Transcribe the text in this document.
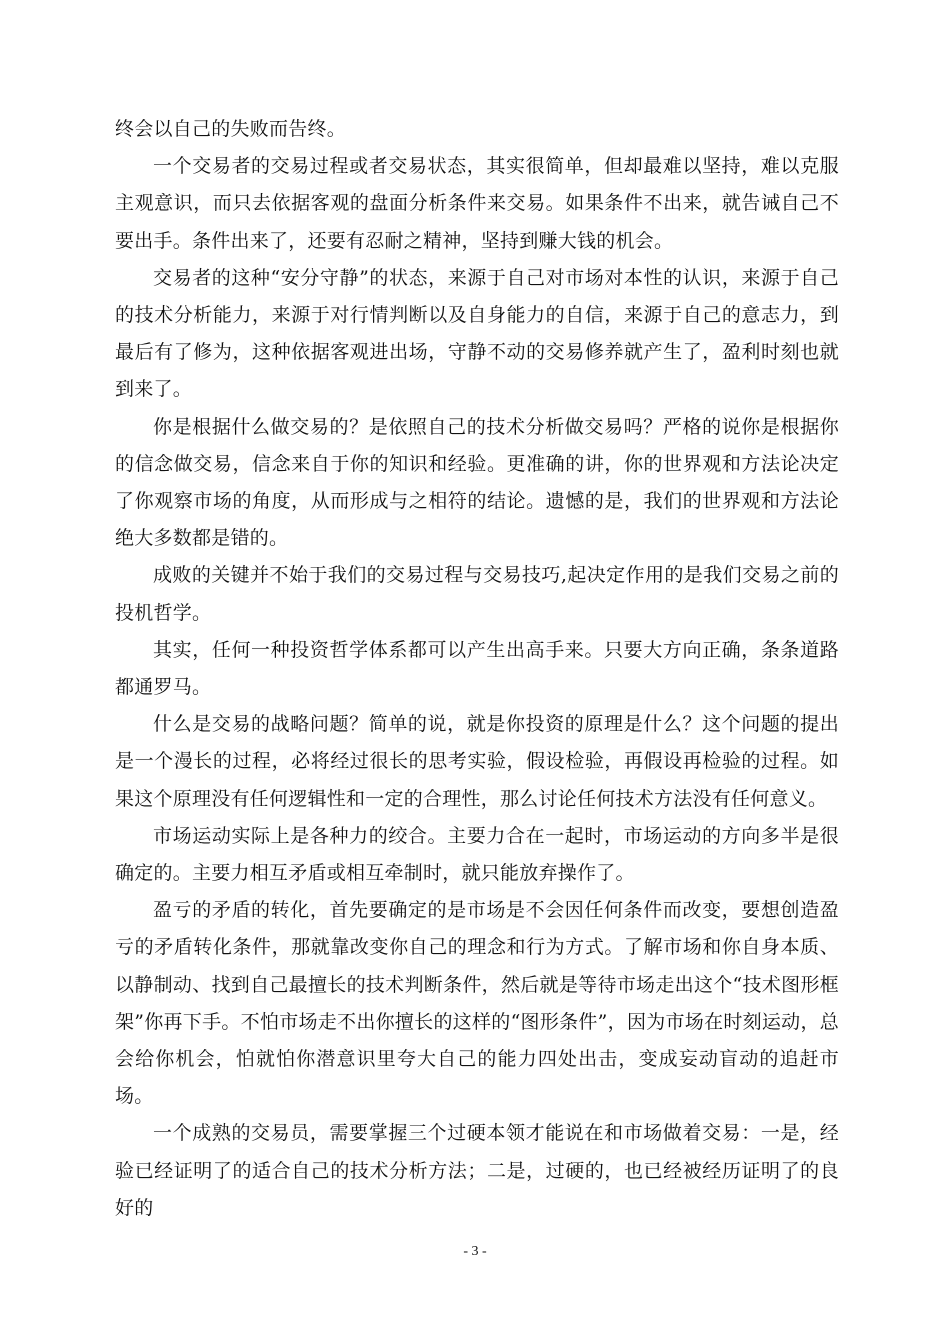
终会以自己的失败而告终。

一个交易者的交易过程或者交易状态，其实很简单，但却最难以坚持，难以克服主观意识，而只去依据客观的盘面分析条件来交易。如果条件不出来，就告诫自己不要出手。条件出来了，还要有忍耐之精神，坚持到赚大钱的机会。

交易者的这种“安分守静”的状态，来源于自己对市场对本性的认识，来源于自己的技术分析能力，来源于对行情判断以及自身能力的自信，来源于自己的意志力，到最后有了修为，这种依据客观进出场，守静不动的交易修养就产生了，盈利时刻也就到来了。

你是根据什么做交易的？是依照自己的技术分析做交易吗？严格的说你是根据你的信念做交易，信念来自于你的知识和经验。更准确的讲，你的世界观和方法论决定了你观察市场的角度，从而形成与之相符的结论。遗憾的是，我们的世界观和方法论绝大多数都是错的。

成败的关键并不始于我们的交易过程与交易技巧,起决定作用的是我们交易之前的投机哲学。

其实，任何一种投资哲学体系都可以产生出高手来。只要大方向正确，条条道路都通罗马。

什么是交易的战略问题？简单的说，就是你投资的原理是什么？这个问题的提出是一个漫长的过程，必将经过很长的思考实验，假设检验，再假设再检验的过程。如果这个原理没有任何逻辑性和一定的合理性，那么讨论任何技术方法没有任何意义。

市场运动实际上是各种力的绞合。主要力合在一起时，市场运动的方向多半是很确定的。主要力相互矛盾或相互牵制时，就只能放弃操作了。

盈亏的矛盾的转化，首先要确定的是市场是不会因任何条件而改变，要想创造盈亏的矛盾转化条件，那就靠改变你自己的理念和行为方式。了解市场和你自身本质、以静制动、找到自己最擅长的技术判断条件，然后就是等待市场走出这个“技术图形框架”你再下手。不怕市场走不出你擅长的这样的“图形条件”，因为市场在时刻运动，总会给你机会，怕就怕你潜意识里夸大自己的能力四处出击，变成妄动盲动的追赶市场。

一个成熟的交易员，需要掌握三个过硬本领才能说在和市场做着交易：一是，经验已经证明了的适合自己的技术分析方法；二是，过硬的，也已经被经历证明了的良好的

- 3 -
